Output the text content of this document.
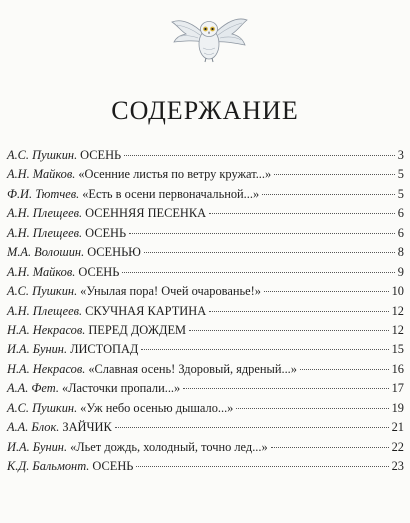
СОДЕРЖАНИЕ
А.С. Пушкин. ОСЕНЬ	3
А.Н. Майков. «Осенние листья по ветру кружат...»	5
Ф.И. Тютчев. «Есть в осени первоначальной...»	5
А.Н. Плещеев. ОСЕННЯЯ ПЕСЕНКА	6
А.Н. Плещеев. ОСЕНЬ	6
М.А. Волошин. ОСЕНЬЮ	8
А.Н. Майков. ОСЕНЬ	9
А.С. Пушкин. «Унылая пора! Очей очарованье!»	10
А.Н. Плещеев. СКУЧНАЯ КАРТИНА	12
Н.А. Некрасов. ПЕРЕД ДОЖДЕМ	12
И.А. Бунин. ЛИСТОПАД	15
Н.А. Некрасов. «Славная осень! Здоровый, ядреный...»	16
А.А. Фет. «Ласточки пропали...»	17
А.С. Пушкин. «Уж небо осенью дышало...»	19
А.А. Блок. ЗАЙЧИК	21
И.А. Бунин. «Льет дождь, холодный, точно лед...»	22
К.Д. Бальмонт. ОСЕНЬ	23
